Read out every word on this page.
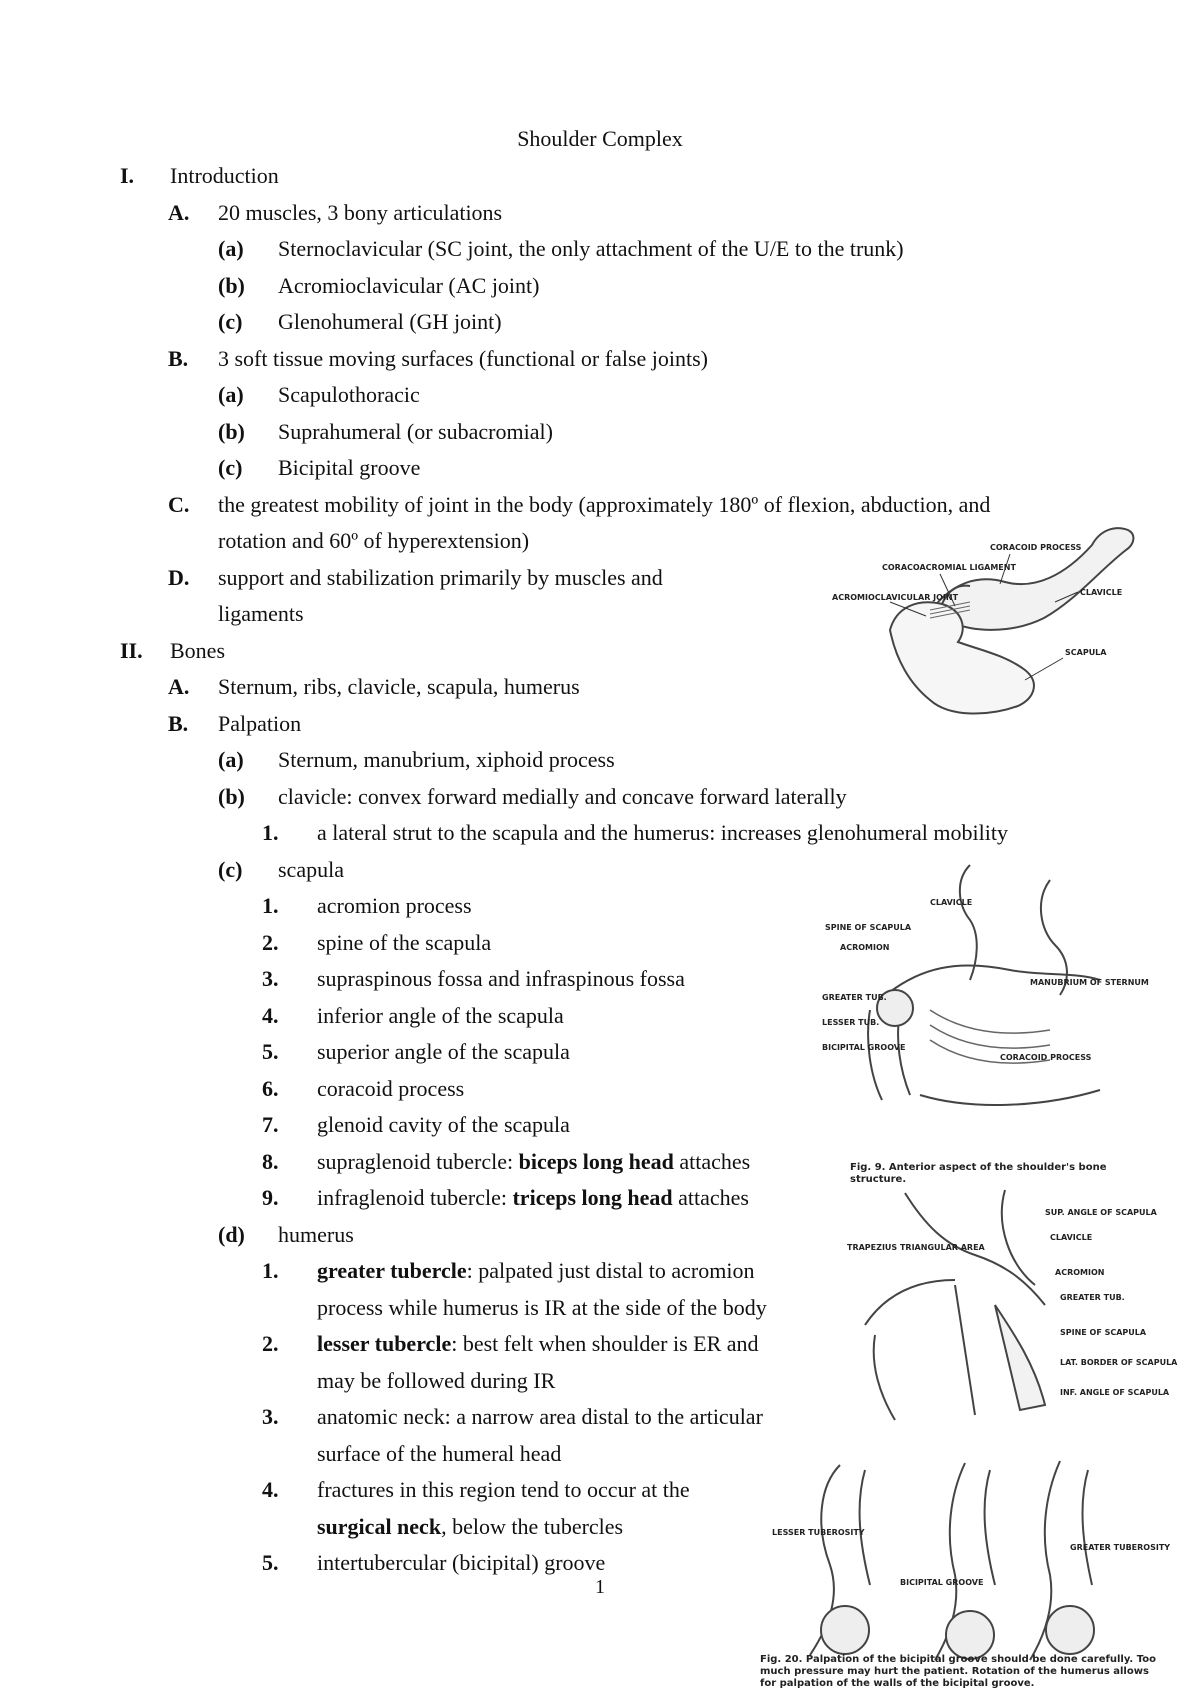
Shoulder Complex
I. Introduction
A. 20 muscles, 3 bony articulations
(a) Sternoclavicular (SC joint, the only attachment of the U/E to the trunk)
(b) Acromioclavicular (AC joint)
(c) Glenohumeral (GH joint)
B. 3 soft tissue moving surfaces (functional or false joints)
(a) Scapulothoracic
(b) Suprahumeral (or subacromial)
(c) Bicipital groove
C. the greatest mobility of joint in the body (approximately 180º of flexion, abduction, and
rotation and 60º of hyperextension)
D. support and stabilization primarily by muscles and
ligaments
II. Bones
A. Sternum, ribs, clavicle, scapula, humerus
B. Palpation
(a) Sternum, manubrium, xiphoid process
(b) clavicle: convex forward medially and concave forward laterally
1. a lateral strut to the scapula and the humerus: increases glenohumeral mobility
(c) scapula
1. acromion process
2. spine of the scapula
3. supraspinous fossa and infraspinous fossa
4. inferior angle of the scapula
5. superior angle of the scapula
6. coracoid process
7. glenoid cavity of the scapula
8. supraglenoid tubercle: biceps long head attaches
9. infraglenoid tubercle: triceps long head attaches
(d) humerus
1. greater tubercle: palpated just distal to acromion
process while humerus is IR at the side of the body
2. lesser tubercle: best felt when shoulder is ER and
may be followed during IR
3. anatomic neck: a narrow area distal to the articular
surface of the humeral head
4. fractures in this region tend to occur at the
surgical neck, below the tubercles
5. intertubercular (bicipital) groove
CORACOID PROCESS
CORACOACROMIAL LIGAMENT
ACROMIOCLAVICULAR JOINT
CLAVICLE
SCAPULA
CLAVICLE
SPINE OF SCAPULA
ACROMION
MANUBRIUM OF STERNUM
GREATER TUB.
LESSER TUB.
BICIPITAL GROOVE
CORACOID PROCESS
Fig. 9. Anterior aspect of the shoulder's bone structure.
SUP. ANGLE OF SCAPULA
CLAVICLE
TRAPEZIUS TRIANGULAR AREA
ACROMION
GREATER TUB.
SPINE OF SCAPULA
LAT. BORDER OF SCAPULA
INF. ANGLE OF SCAPULA
LESSER TUBEROSITY
BICIPITAL GROOVE
GREATER TUBEROSITY
Fig. 20. Palpation of the bicipital groove should be done carefully. Too much pressure may hurt the patient. Rotation of the humerus allows for palpation of the walls of the bicipital groove.
1
